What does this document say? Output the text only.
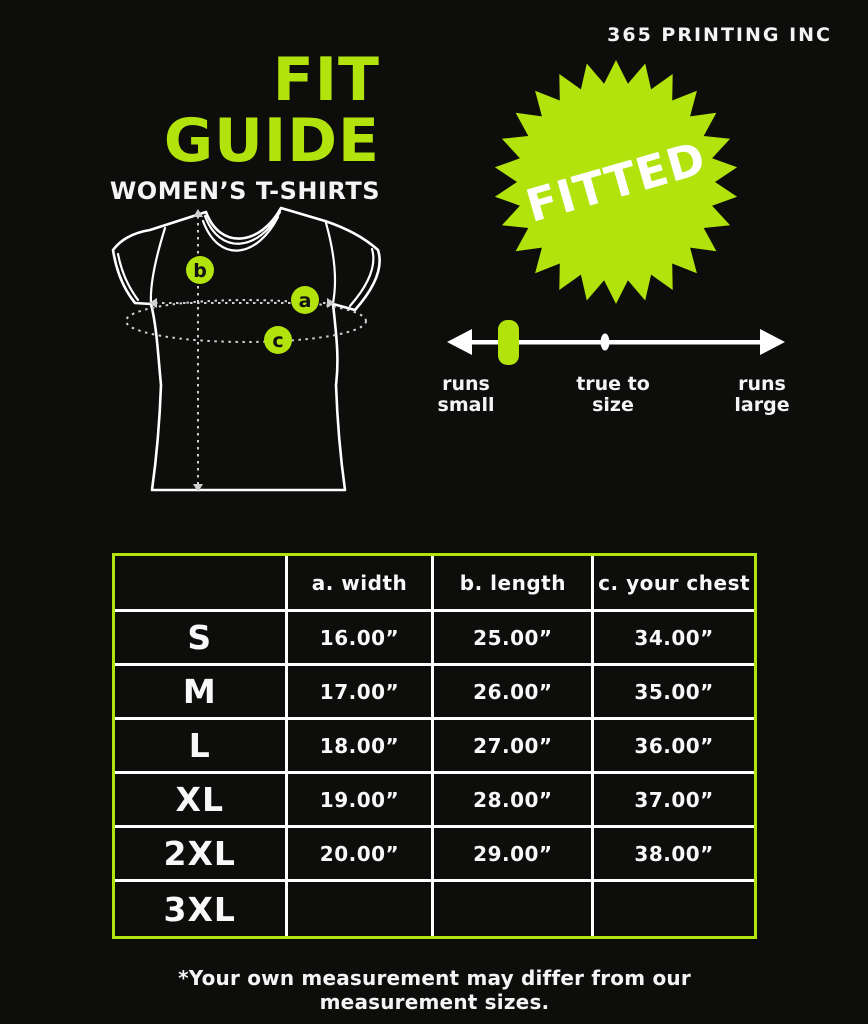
365 PRINTING INC
FIT GUIDE
WOMEN’S T-SHIRTS
b
a
c
FITTED
runs
small
true to
size
runs
large
	a. width	b. length	c. your chest
S	16.00”	25.00”	34.00”
M	17.00”	26.00”	35.00”
L	18.00”	27.00”	36.00”
XL	19.00”	28.00”	37.00”
2XL	20.00”	29.00”	38.00”
3XL			
*Your own measurement may differ from our measurement sizes.
